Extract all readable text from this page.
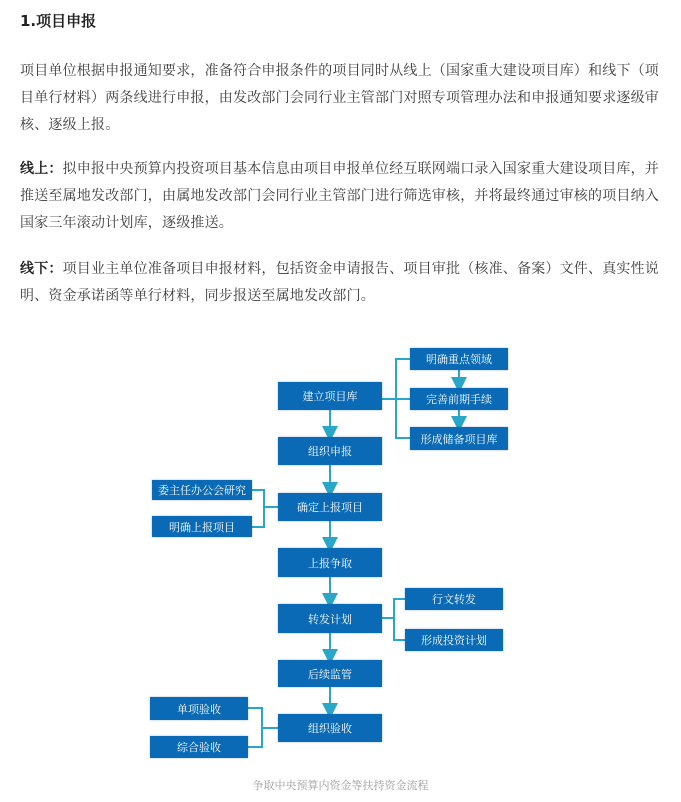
1.项目申报
项目单位根据申报通知要求，准备符合申报条件的项目同时从线上（国家重大建设项目库）和线下（项目单行材料）两条线进行申报，由发改部门会同行业主管部门对照专项管理办法和申报通知要求逐级审核、逐级上报。
线上：拟申报中央预算内投资项目基本信息由项目申报单位经互联网端口录入国家重大建设项目库，并推送至属地发改部门，由属地发改部门会同行业主管部门进行筛选审核，并将最终通过审核的项目纳入国家三年滚动计划库，逐级推送。
线下：项目业主单位准备项目申报材料，包括资金申请报告、项目审批（核准、备案）文件、真实性说明、资金承诺函等单行材料，同步报送至属地发改部门。
建立项目库
组织申报
确定上报项目
上报争取
转发计划
后续监管
组织验收
明确重点领域
完善前期手续
形成储备项目库
委主任办公会研究
明确上报项目
行文转发
形成投资计划
单项验收
综合验收
争取中央预算内资金等扶持资金流程
